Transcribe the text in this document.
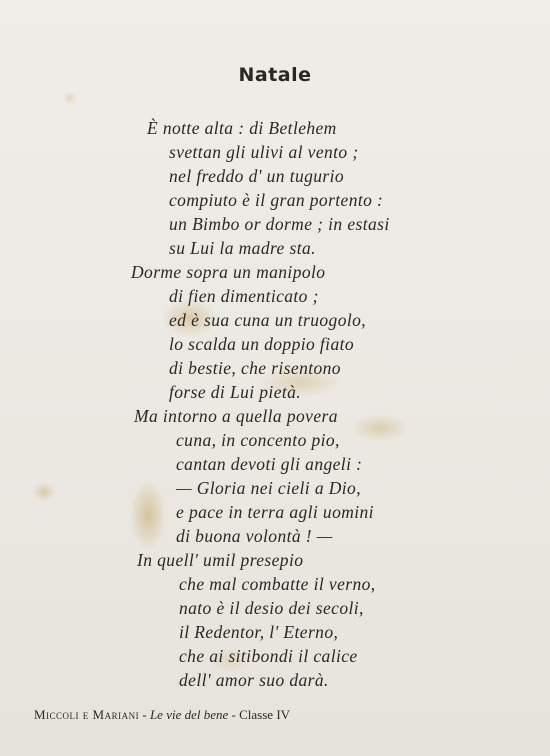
Natale
È notte alta : di Betlehem
svettan gli ulivi al vento ;
nel freddo d' un tugurio
compiuto è il gran portento :
un Bimbo or dorme ; in estasi
su Lui la madre sta.
Dorme sopra un manipolo
di fien dimenticato ;
ed è sua cuna un truogolo,
lo scalda un doppio fiato
di bestie, che risentono
forse di Lui pietà.
Ma intorno a quella povera
cuna, in concento pio,
cantan devoti gli angeli :
— Gloria nei cieli a Dio,
e pace in terra agli uomini
di buona volontà ! —
In quell' umil presepio
che mal combatte il verno,
nato è il desio dei secoli,
il Redentor, l' Eterno,
che ai sitibondi il calice
dell' amor suo darà.
Miccoli e Mariani - Le vie del bene - Classe IV
